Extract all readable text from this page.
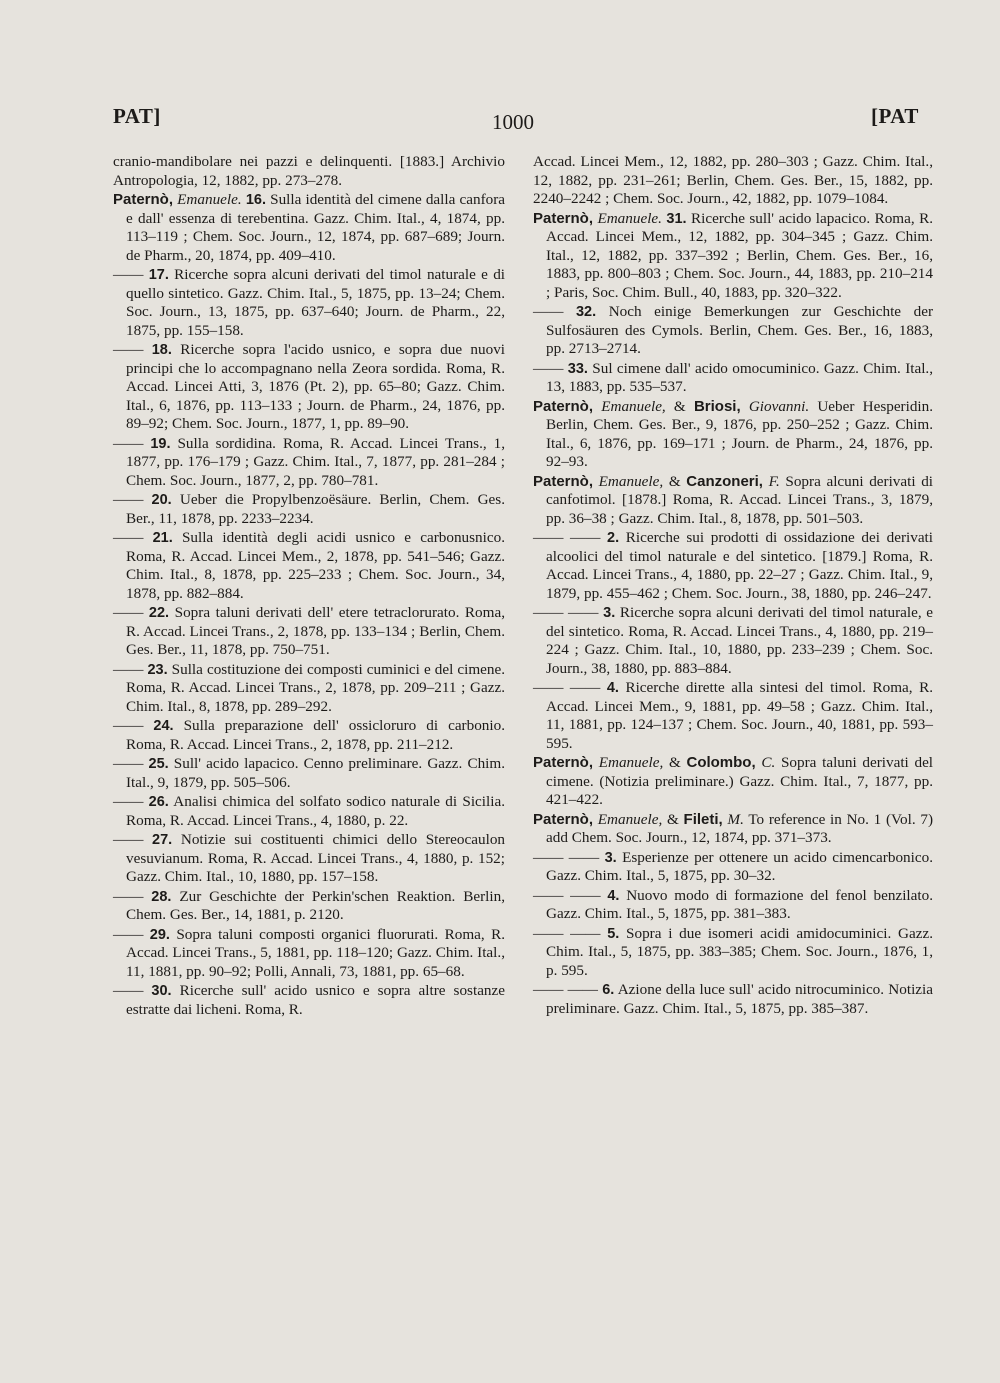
PAT]	1000	[PAT

cranio-mandibolare nei pazzi e delinquenti. [1883.] Archivio Antropologia, 12, 1882, pp. 273–278.

Paternò, Emanuele. 16. Sulla identità del cimene dalla canfora e dall' essenza di terebentina. Gazz. Chim. Ital., 4, 1874, pp. 113–119 ; Chem. Soc. Journ., 12, 1874, pp. 687–689; Journ. de Pharm., 20, 1874, pp. 409–410.

—— 17. Ricerche sopra alcuni derivati del timol naturale e di quello sintetico. Gazz. Chim. Ital., 5, 1875, pp. 13–24; Chem. Soc. Journ., 13, 1875, pp. 637–640; Journ. de Pharm., 22, 1875, pp. 155–158.

—— 18. Ricerche sopra l'acido usnico, e sopra due nuovi principi che lo accompagnano nella Zeora sordida. Roma, R. Accad. Lincei Atti, 3, 1876 (Pt. 2), pp. 65–80; Gazz. Chim. Ital., 6, 1876, pp. 113–133 ; Journ. de Pharm., 24, 1876, pp. 89–92; Chem. Soc. Journ., 1877, 1, pp. 89–90.

—— 19. Sulla sordidina. Roma, R. Accad. Lincei Trans., 1, 1877, pp. 176–179 ; Gazz. Chim. Ital., 7, 1877, pp. 281–284 ; Chem. Soc. Journ., 1877, 2, pp. 780–781.

—— 20. Ueber die Propylbenzoësäure. Berlin, Chem. Ges. Ber., 11, 1878, pp. 2233–2234.

—— 21. Sulla identità degli acidi usnico e carbonusnico. Roma, R. Accad. Lincei Mem., 2, 1878, pp. 541–546; Gazz. Chim. Ital., 8, 1878, pp. 225–233 ; Chem. Soc. Journ., 34, 1878, pp. 882–884.

—— 22. Sopra taluni derivati dell' etere tetraclorurato. Roma, R. Accad. Lincei Trans., 2, 1878, pp. 133–134 ; Berlin, Chem. Ges. Ber., 11, 1878, pp. 750–751.

—— 23. Sulla costituzione dei composti cuminici e del cimene. Roma, R. Accad. Lincei Trans., 2, 1878, pp. 209–211 ; Gazz. Chim. Ital., 8, 1878, pp. 289–292.

—— 24. Sulla preparazione dell' ossicloruro di carbonio. Roma, R. Accad. Lincei Trans., 2, 1878, pp. 211–212.

—— 25. Sull' acido lapacico. Cenno preliminare. Gazz. Chim. Ital., 9, 1879, pp. 505–506.

—— 26. Analisi chimica del solfato sodico naturale di Sicilia. Roma, R. Accad. Lincei Trans., 4, 1880, p. 22.

—— 27. Notizie sui costituenti chimici dello Stereocaulon vesuvianum. Roma, R. Accad. Lincei Trans., 4, 1880, p. 152; Gazz. Chim. Ital., 10, 1880, pp. 157–158.

—— 28. Zur Geschichte der Perkin'schen Reaktion. Berlin, Chem. Ges. Ber., 14, 1881, p. 2120.

—— 29. Sopra taluni composti organici fluorurati. Roma, R. Accad. Lincei Trans., 5, 1881, pp. 118–120; Gazz. Chim. Ital., 11, 1881, pp. 90–92; Polli, Annali, 73, 1881, pp. 65–68.

—— 30. Ricerche sull' acido usnico e sopra altre sostanze estratte dai licheni. Roma, R.

Accad. Lincei Mem., 12, 1882, pp. 280–303 ; Gazz. Chim. Ital., 12, 1882, pp. 231–261; Berlin, Chem. Ges. Ber., 15, 1882, pp. 2240–2242 ; Chem. Soc. Journ., 42, 1882, pp. 1079–1084.

Paternò, Emanuele. 31. Ricerche sull' acido lapacico. Roma, R. Accad. Lincei Mem., 12, 1882, pp. 304–345 ; Gazz. Chim. Ital., 12, 1882, pp. 337–392 ; Berlin, Chem. Ges. Ber., 16, 1883, pp. 800–803 ; Chem. Soc. Journ., 44, 1883, pp. 210–214 ; Paris, Soc. Chim. Bull., 40, 1883, pp. 320–322.

—— 32. Noch einige Bemerkungen zur Geschichte der Sulfosäuren des Cymols. Berlin, Chem. Ges. Ber., 16, 1883, pp. 2713–2714.

—— 33. Sul cimene dall' acido omocuminico. Gazz. Chim. Ital., 13, 1883, pp. 535–537.

Paternò, Emanuele, & Briosi, Giovanni. Ueber Hesperidin. Berlin, Chem. Ges. Ber., 9, 1876, pp. 250–252 ; Gazz. Chim. Ital., 6, 1876, pp. 169–171 ; Journ. de Pharm., 24, 1876, pp. 92–93.

Paternò, Emanuele, & Canzoneri, F. Sopra alcuni derivati di canfotimol. [1878.] Roma, R. Accad. Lincei Trans., 3, 1879, pp. 36–38 ; Gazz. Chim. Ital., 8, 1878, pp. 501–503.

—— —— 2. Ricerche sui prodotti di ossidazione dei derivati alcoolici del timol naturale e del sintetico. [1879.] Roma, R. Accad. Lincei Trans., 4, 1880, pp. 22–27 ; Gazz. Chim. Ital., 9, 1879, pp. 455–462 ; Chem. Soc. Journ., 38, 1880, pp. 246–247.

—— —— 3. Ricerche sopra alcuni derivati del timol naturale, e del sintetico. Roma, R. Accad. Lincei Trans., 4, 1880, pp. 219–224 ; Gazz. Chim. Ital., 10, 1880, pp. 233–239 ; Chem. Soc. Journ., 38, 1880, pp. 883–884.

—— —— 4. Ricerche dirette alla sintesi del timol. Roma, R. Accad. Lincei Mem., 9, 1881, pp. 49–58 ; Gazz. Chim. Ital., 11, 1881, pp. 124–137 ; Chem. Soc. Journ., 40, 1881, pp. 593–595.

Paternò, Emanuele, & Colombo, C. Sopra taluni derivati del cimene. (Notizia preliminare.) Gazz. Chim. Ital., 7, 1877, pp. 421–422.

Paternò, Emanuele, & Fileti, M. To reference in No. 1 (Vol. 7) add Chem. Soc. Journ., 12, 1874, pp. 371–373.

—— —— 3. Esperienze per ottenere un acido cimencarbonico. Gazz. Chim. Ital., 5, 1875, pp. 30–32.

—— —— 4. Nuovo modo di formazione del fenol benzilato. Gazz. Chim. Ital., 5, 1875, pp. 381–383.

—— —— 5. Sopra i due isomeri acidi amidocuminici. Gazz. Chim. Ital., 5, 1875, pp. 383–385; Chem. Soc. Journ., 1876, 1, p. 595.

—— —— 6. Azione della luce sull' acido nitrocuminico. Notizia preliminare. Gazz. Chim. Ital., 5, 1875, pp. 385–387.
